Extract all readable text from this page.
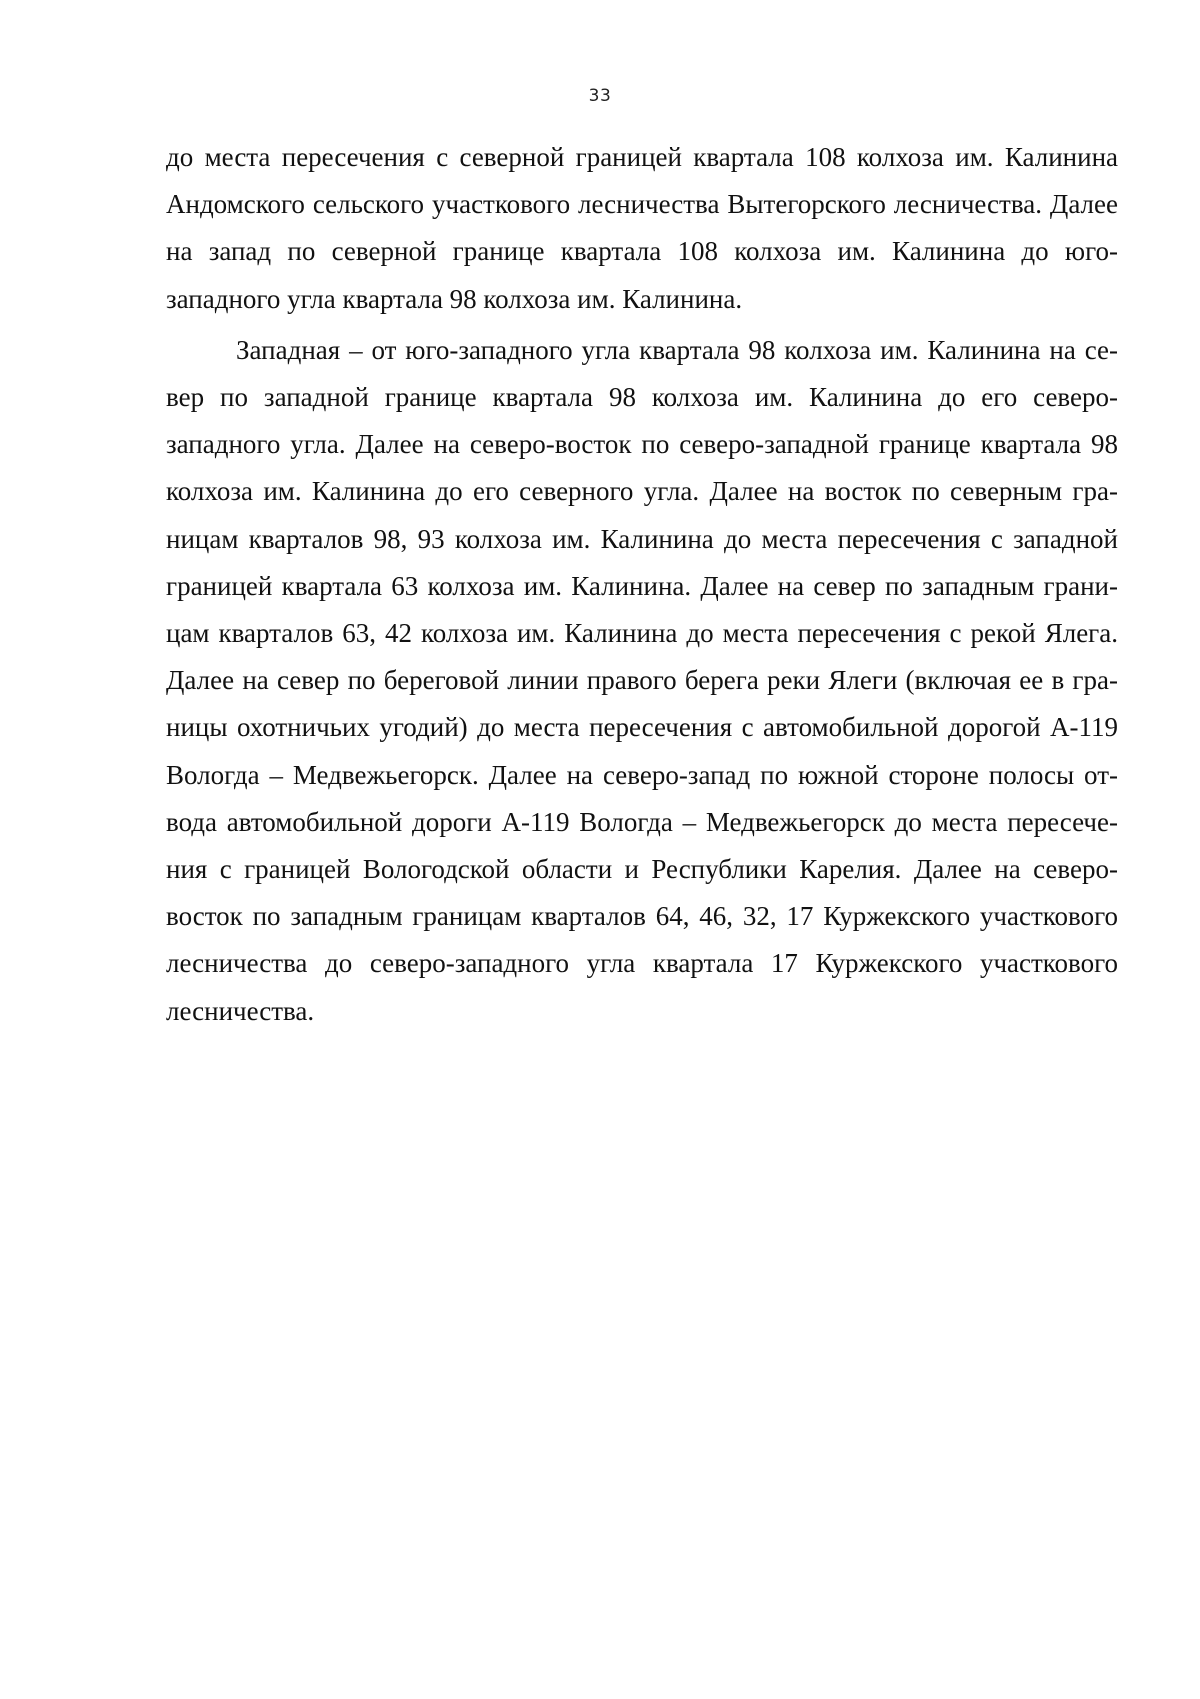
33

до места пересечения с северной границей квартала 108 колхоза им. Калинина Андомского сельского участкового лесничества Вытегорского лесничества. Далее на запад по северной границе квартала 108 колхоза им. Калинина до юго-западного угла квартала 98 колхоза им. Калинина.

Западная – от юго-западного угла квартала 98 колхоза им. Калинина на север по западной границе квартала 98 колхоза им. Калинина до его северо-западного угла. Далее на северо-восток по северо-западной границе квартала 98 колхоза им. Калинина до его северного угла. Далее на восток по северным границам кварталов 98, 93 колхоза им. Калинина до места пересечения с западной границей квартала 63 колхоза им. Калинина. Далее на север по западным границам кварталов 63, 42 колхоза им. Калинина до места пересечения с рекой Ялега. Далее на север по береговой линии правого берега реки Ялеги (включая ее в границы охотничьих угодий) до места пересечения с автомобильной дорогой А-119 Вологда – Медвежьегорск. Далее на северо-запад по южной стороне полосы отвода автомобильной дороги А-119 Вологда – Медвежьегорск до места пересечения с границей Вологодской области и Республики Карелия. Далее на северо-восток по западным границам кварталов 64, 46, 32, 17 Куржекского участкового лесничества до северо-западного угла квартала 17 Куржекского участкового лесничества.
